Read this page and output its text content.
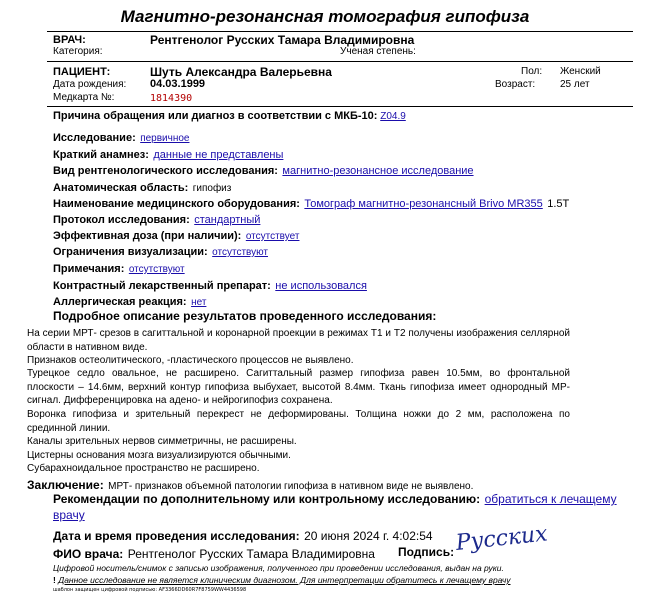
Магнитно-резонансная томография гипофиза
ВРАЧ:	Рентгенолог Русских Тамара Владимировна
Категория:	Ученая степень:
ПАЦИЕНТ:	Шуть Александра Валерьевна	Пол: Женский
Дата рождения: 04.03.1999	Возраст: 25 лет
Медкарта №:	1814390
Причина обращения или диагноз в соответствии с МКБ-10: Z04.9
Исследование: первичное
Краткий анамнез: данные не представлены
Вид рентгенологического исследования: магнитно-резонансное исследование
Анатомическая область: гипофиз
Наименование медицинского оборудования: Томограф магнитно-резонансный Brivo MR355 1.5T
Протокол исследования: стандартный
Эффективная доза (при наличии): отсутствует
Ограничения визуализации: отсутствуют
Примечания: отсутствуют
Контрастный лекарственный препарат: не использовался
Аллергическая реакция: нет
Подробное описание результатов проведенного исследования:
На серии МРТ- срезов в сагиттальной и коронарной проекции в режимах T1 и T2 получены изображения селлярной области в нативном виде.
Признаков остеолитического, -пластического процессов не выявлено.
Турецкое седло овальное, не расширено. Сагиттальный размер гипофиза равен 10.5мм, во фронтальной плоскости – 14.6мм, верхний контур гипофиза выбухает, высотой 8.4мм. Ткань гипофиза имеет однородный МР-сигнал. Дифференцировка на адено- и нейрогипофиз сохранена.
Воронка гипофиза и зрительный перекрест не деформированы. Толщина ножки до 2 мм, расположена по срединной линии.
Каналы зрительных нервов симметричны, не расширены.
Цистерны основания мозга визуализируются обычными.
Субарахноидальное пространство не расширено.
Заключение: МРТ- признаков объемной патологии гипофиза в нативном виде не выявлено.
Рекомендации по дополнительному или контрольному исследованию: обратиться к лечащему
врачу
Дата и время проведения исследования: 20 июня 2024 г. 4:02:54
ФИО врача: Рентгенолог Русских Тамара Владимировна Подпись: Русских
Цифровой носитель/снимок с записью изображения, полученного при проведении исследования, выдан на руки.
! Данное исследование не является клиническим диагнозом. Для интерпретации обратитесь к лечащему врачу
шаблон защищен цифровой подписью: AF3366DD60R7F8759WW4436598
